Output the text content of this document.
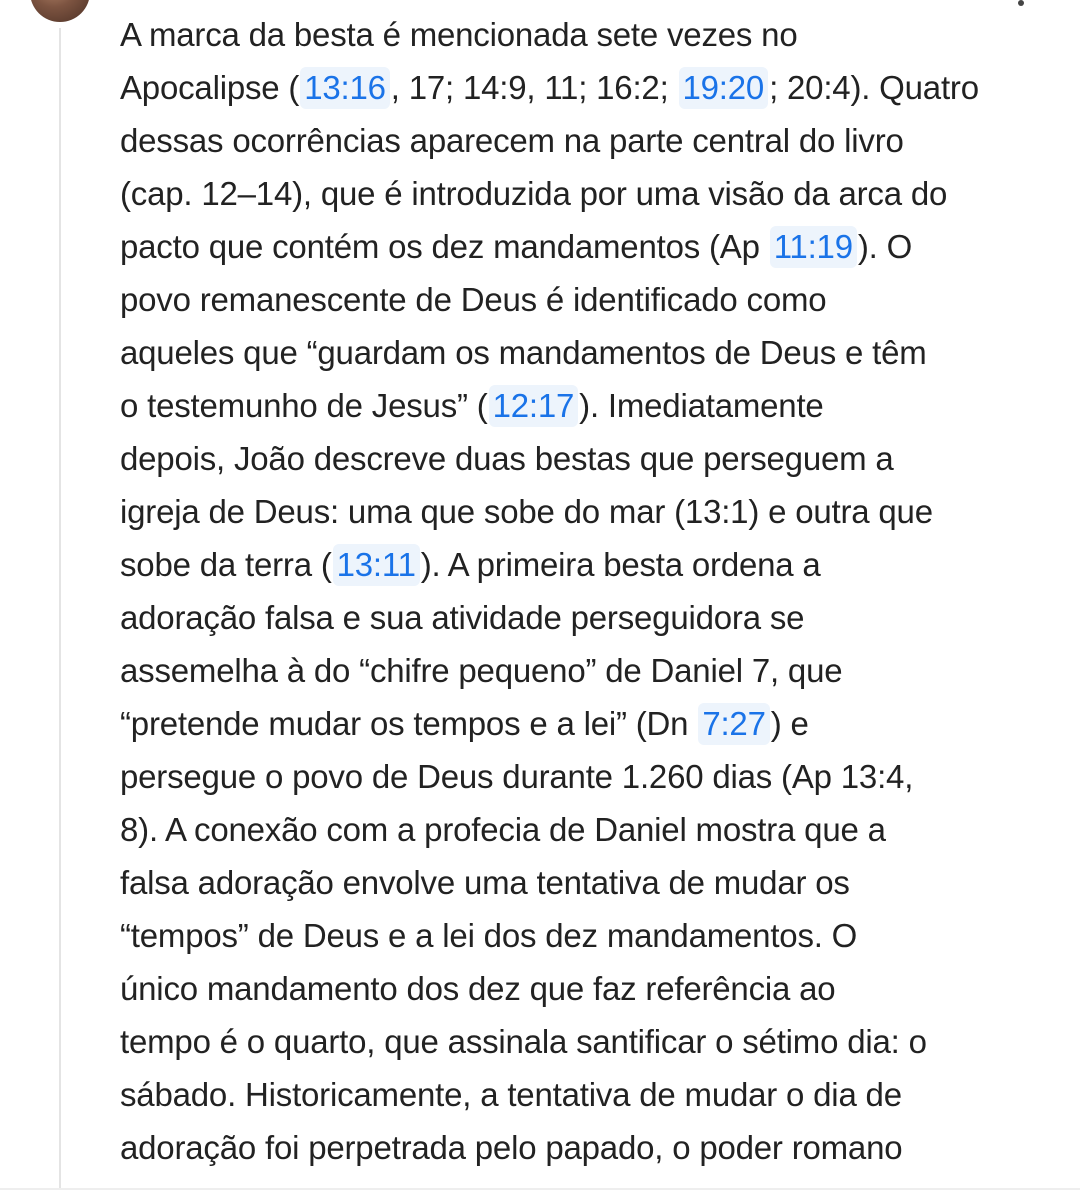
A marca da besta é mencionada sete vezes no
Apocalipse ( 13:16 , 17; 14:9, 11; 16:2; 19:20 ; 20:4). Quatro
dessas ocorrências aparecem na parte central do livro
(cap. 12–14), que é introduzida por uma visão da arca do
pacto que contém os dez mandamentos (Ap 11:19 ). O
povo remanescente de Deus é identificado como
aqueles que “guardam os mandamentos de Deus e têm
o testemunho de Jesus” ( 12:17 ). Imediatamente
depois, João descreve duas bestas que perseguem a
igreja de Deus: uma que sobe do mar (13:1) e outra que
sobe da terra ( 13:11 ). A primeira besta ordena a
adoração falsa e sua atividade perseguidora se
assemelha à do “chifre pequeno” de Daniel 7, que
“pretende mudar os tempos e a lei” (Dn 7:27 ) e
persegue o povo de Deus durante 1.260 dias (Ap 13:4,
8). A conexão com a profecia de Daniel mostra que a
falsa adoração envolve uma tentativa de mudar os
“tempos” de Deus e a lei dos dez mandamentos. O
único mandamento dos dez que faz referência ao
tempo é o quarto, que assinala santificar o sétimo dia: o
sábado. Historicamente, a tentativa de mudar o dia de
adoração foi perpetrada pelo papado, o poder romano
